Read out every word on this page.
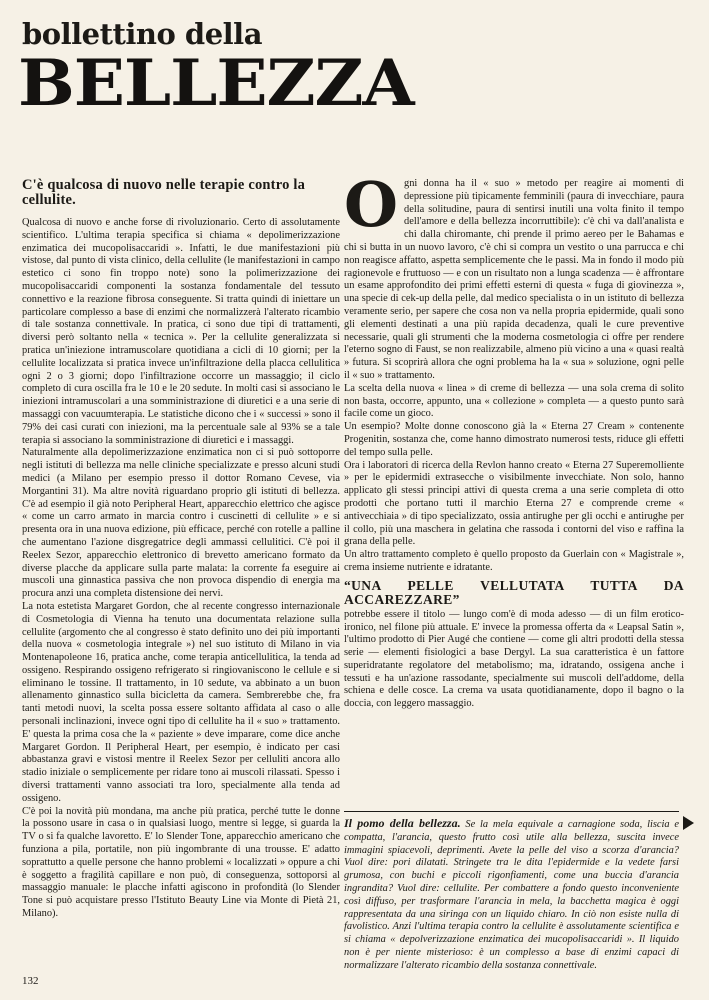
bollettino della
BELLEZZA
C'è qualcosa di nuovo nelle terapie contro la cellulite.

Qualcosa di nuovo e anche forse di rivoluzionario. Certo di assolutamente scientifico. L'ultima terapia specifica si chiama « depolimerizzazione enzimatica dei mucopolisaccaridi ». Infatti, le due manifestazioni più vistose, dal punto di vista clinico, della cellulite (le manifestazioni in campo estetico ci sono fin troppo note) sono la polimerizzazione dei mucopolisaccaridi componenti la sostanza fondamentale del tessuto connettivo e la reazione fibrosa conseguente. Si tratta quindi di iniettare un particolare complesso a base di enzimi che normalizzerà l'alterato ricambio di tale sostanza connettivale. In pratica, ci sono due tipi di trattamenti, diversi però soltanto nella « tecnica ». Per la cellulite generalizzata si pratica un'iniezione intramuscolare quotidiana a cicli di 10 giorni; per la cellulite localizzata si pratica invece un'infiltrazione della placca cellulitica ogni 2 o 3 giorni; dopo l'infiltrazione occorre un massaggio; il ciclo completo di cura oscilla fra le 10 e le 20 sedute. In molti casi si associano le iniezioni intramuscolari a una somministrazione di diuretici e a una serie di massaggi con vacuumterapia. Le statistiche dicono che i « successi » sono il 79% dei casi curati con iniezioni, ma la percentuale sale al 93% se a tale terapia si associano la somministrazione di diuretici e i massaggi.

Naturalmente alla depolimerizzazione enzimatica non ci si può sottoporre negli istituti di bellezza ma nelle cliniche specializzate e presso alcuni studi medici (a Milano per esempio presso il dottor Romano Cevese, via Morgantini 31). Ma altre novità riguardano proprio gli istituti di bellezza. C'è ad esempio il già noto Peripheral Heart, apparecchio elettrico che agisce « come un carro armato in marcia contro i cuscinetti di cellulite » e si presenta ora in una nuova edizione, più efficace, perché con rotelle a palline che aumentano l'azione disgregatrice degli ammassi cellulitici. C'è poi il Reelex Sezor, apparecchio elettronico di brevetto americano formato da diverse placche da applicare sulla parte malata: la corrente fa eseguire ai muscoli una ginnastica passiva che non provoca dispendio di energia ma procura anzi una completa distensione dei nervi.

La nota estetista Margaret Gordon, che al recente congresso internazionale di Cosmetologia di Vienna ha tenuto una documentata relazione sulla cellulite (argomento che al congresso è stato definito uno dei più importanti della nuova « cosmetologia integrale ») nel suo istituto di Milano in via Montenapoleone 16, pratica anche, come terapia anticellulitica, la tenda ad ossigeno. Respirando ossigeno refrigerato si ringiovaniscono le cellule e si eliminano le tossine. Il trattamento, in 10 sedute, va abbinato a un buon allenamento ginnastico sulla bicicletta da camera. Sembrerebbe che, fra tanti metodi nuovi, la scelta possa essere soltanto affidata al caso o alle personali inclinazioni, invece ogni tipo di cellulite ha il « suo » trattamento. E' questa la prima cosa che la « paziente » deve imparare, come dice anche Margaret Gordon. Il Peripheral Heart, per esempio, è indicato per casi abbastanza gravi e vistosi mentre il Reelex Sezor per celluliti ancora allo stadio iniziale o semplicemente per ridare tono ai muscoli rilassati. Spesso i diversi trattamenti vanno associati tra loro, specialmente alla tenda ad ossigeno.

C'è poi la novità più mondana, ma anche più pratica, perché tutte le donne la possono usare in casa o in qualsiasi luogo, mentre si legge, si guarda la TV o si fa qualche lavoretto. E' lo Slender Tone, apparecchio americano che funziona a pila, portatile, non più ingombrante di una trousse. E' adatto soprattutto a quelle persone che hanno problemi « localizzati » oppure a chi è soggetto a fragilità capillare e non può, di conseguenza, sottoporsi al massaggio manuale: le placche infatti agiscono in profondità (lo Slender Tone si può acquistare presso l'Istituto Beauty Line via Monte di Pietà 21, Milano).

O gni donna ha il « suo » metodo per reagire ai momenti di depressione più tipicamente femminili (paura di invecchiare, paura della solitudine, paura di sentirsi inutili una volta finito il tempo dell'amore e della bellezza incorruttibile): c'è chi va dall'analista e chi dalla chiromante, chi prende il primo aereo per le Bahamas e chi si butta in un nuovo lavoro, c'è chi si compra un vestito o una parrucca e chi non reagisce affatto, aspetta semplicemente che le passi. Ma in fondo il modo più ragionevole e fruttuoso — e con un risultato non a lunga scadenza — è affrontare un esame approfondito dei primi effetti esterni di questa « fuga di giovinezza », una specie di cek-up della pelle, dal medico specialista o in un istituto di bellezza veramente serio, per sapere che cosa non va nella propria epidermide, quali sono gli elementi destinati a una più rapida decadenza, quali le cure preventive necessarie, quali gli strumenti che la moderna cosmetologia ci offre per rendere l'eterno sogno di Faust, se non realizzabile, almeno più vicino a una « quasi realtà » futura. Si scoprirà allora che ogni problema ha la « sua » soluzione, ogni pelle il « suo » trattamento.

La scelta della nuova « linea » di creme di bellezza — una sola crema di solito non basta, occorre, appunto, una « collezione » completa — a questo punto sarà facile come un gioco.

Un esempio? Molte donne conoscono già la « Eterna 27 Cream » contenente Progenitin, sostanza che, come hanno dimostrato numerosi tests, riduce gli effetti del tempo sulla pelle.

Ora i laboratori di ricerca della Revlon hanno creato « Eterna 27 Superemolliente » per le epidermidi extrasecche o visibilmente invecchiate. Non solo, hanno applicato gli stessi principi attivi di questa crema a una serie completa di otto prodotti che portano tutti il marchio Eterna 27 e comprende creme « antivecchiaia » di tipo specializzato, ossia antirughe per gli occhi e antirughe per il collo, più una maschera in gelatina che rassoda i contorni del viso e raffina la grana della pelle.

Un altro trattamento completo è quello proposto da Guerlain con « Magistrale », crema insieme nutriente e idratante.

“UNA PELLE VELLUTATA TUTTA DA ACCAREZZARE”

potrebbe essere il titolo — lungo com'è di moda adesso — di un film erotico-ironico, nel filone più attuale. E' invece la promessa offerta da « Leapsal Satin », l'ultimo prodotto di Pier Augé che contiene — come gli altri prodotti della stessa serie — elementi fisiologici a base Dergyl. La sua caratteristica è un fattore superidratante regolatore del metabolismo; ma, idratando, ossigena anche i tessuti e ha un'azione rassodante, specialmente sui muscoli dell'addome, della schiena e delle cosce. La crema va usata quotidianamente, dopo il bagno o la doccia, con leggero massaggio.

Il pomo della bellezza. Se la mela equivale a carnagione soda, liscia e compatta, l'arancia, questo frutto così utile alla bellezza, suscita invece immagini spiacevoli, deprimenti. Avete la pelle del viso a scorza d'arancia? Vuol dire: pori dilatati. Stringete tra le dita l'epidermide e la vedete farsi grumosa, con buchi e piccoli rigonfiamenti, come una buccia d'arancia ingrandita? Vuol dire: cellulite. Per combattere a fondo questo inconveniente così diffuso, per trasformare l'arancia in mela, la bacchetta magica è oggi rappresentata da una siringa con un liquido chiaro. In ciò non esiste nulla di favolistico. Anzi l'ultima terapia contro la cellulite è assolutamente scientifica e si chiama « depolverizzazione enzimatica dei mucopolisaccaridi ». Il liquido non è per niente misterioso: è un complesso a base di enzimi capaci di normalizzare l'alterato ricambio della sostanza connettivale.
132
